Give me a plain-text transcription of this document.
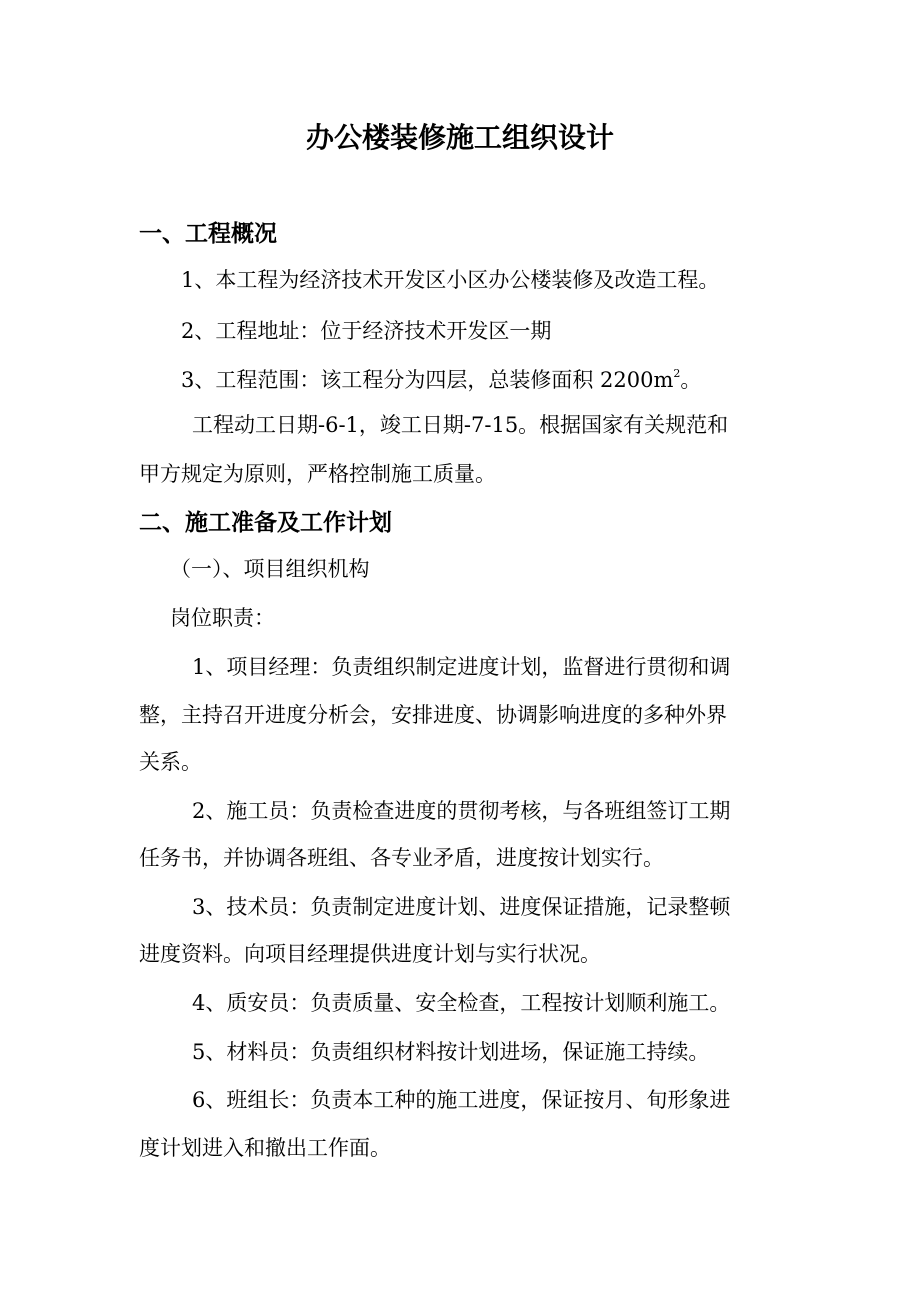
办公楼装修施工组织设计
一、工程概况
1、本工程为经济技术开发区小区办公楼装修及改造工程。
2、工程地址：位于经济技术开发区一期
3、工程范围：该工程分为四层，总装修面积 $2200m^2$。
工程动工日期-6-1，竣工日期-7-15。根据国家有关规范和
甲方规定为原则，严格控制施工质量。
二、施工准备及工作计划
（一）、项目组织机构
岗位职责：
1、项目经理：负责组织制定进度计划，监督进行贯彻和调
整，主持召开进度分析会，安排进度、协调影响进度的多种外界
关系。
2、施工员：负责检查进度的贯彻考核，与各班组签订工期
任务书，并协调各班组、各专业矛盾，进度按计划实行。
3、技术员：负责制定进度计划、进度保证措施，记录整顿
进度资料。向项目经理提供进度计划与实行状况。
4、质安员：负责质量、安全检查，工程按计划顺利施工。
5、材料员：负责组织材料按计划进场，保证施工持续。
6、班组长：负责本工种的施工进度，保证按月、旬形象进
度计划进入和撤出工作面。
